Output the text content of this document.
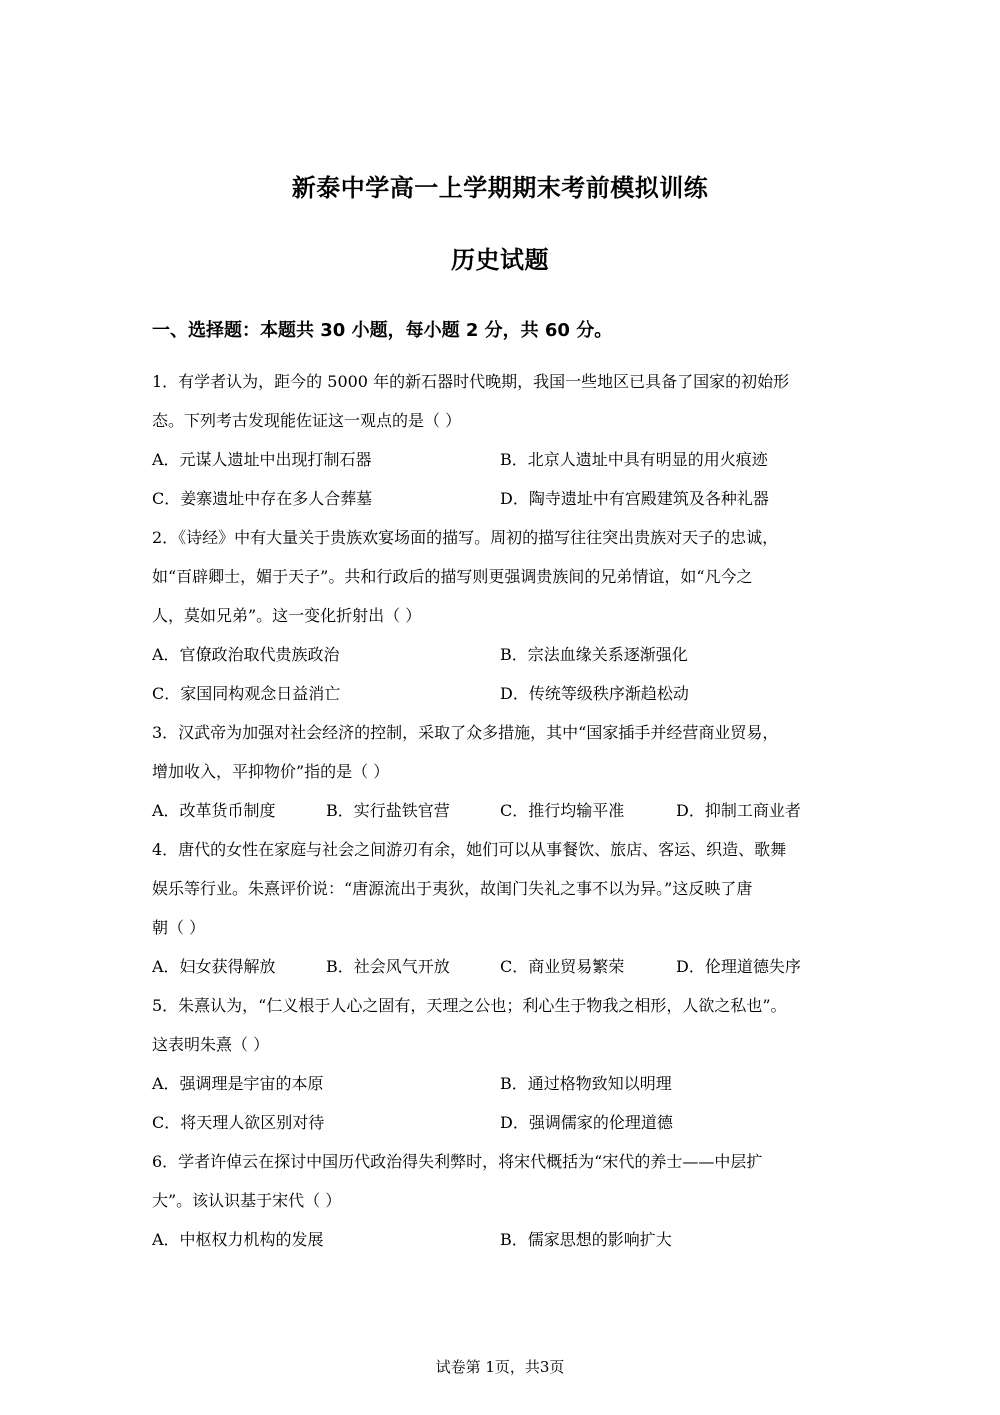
新泰中学高一上学期期末考前模拟训练
历史试题
一、选择题：本题共 30 小题，每小题 2 分，共 60 分。
1．有学者认为，距今的 5000 年的新石器时代晚期，我国一些地区已具备了国家的初始形
态。下列考古发现能佐证这一观点的是（ ）
A．元谋人遗址中出现打制石器	B．北京人遗址中具有明显的用火痕迹
C．姜寨遗址中存在多人合葬墓	D．陶寺遗址中有宫殿建筑及各种礼器
2．《诗经》中有大量关于贵族欢宴场面的描写。周初的描写往往突出贵族对天子的忠诚，
如“百辟卿士，媚于天子”。共和行政后的描写则更强调贵族间的兄弟情谊，如“凡今之
人，莫如兄弟”。这一变化折射出（ ）
A．官僚政治取代贵族政治	B．宗法血缘关系逐渐强化
C．家国同构观念日益消亡	D．传统等级秩序渐趋松动
3．汉武帝为加强对社会经济的控制，采取了众多措施，其中“国家插手并经营商业贸易，
增加收入，平抑物价”指的是（ ）
A．改革货币制度	B．实行盐铁官营	C．推行均输平准	D．抑制工商业者
4．唐代的女性在家庭与社会之间游刃有余，她们可以从事餐饮、旅店、客运、织造、歌舞
娱乐等行业。朱熹评价说：“唐源流出于夷狄，故闺门失礼之事不以为异。”这反映了唐
朝（ ）
A．妇女获得解放	B．社会风气开放	C．商业贸易繁荣	D．伦理道德失序
5．朱熹认为，“仁义根于人心之固有，天理之公也；利心生于物我之相形，人欲之私也”。
这表明朱熹（ ）
A．强调理是宇宙的本原	B．通过格物致知以明理
C．将天理人欲区别对待	D．强调儒家的伦理道德
6．学者许倬云在探讨中国历代政治得失利弊时，将宋代概括为“宋代的养士——中层扩
大”。该认识基于宋代（ ）
A．中枢权力机构的发展	B．儒家思想的影响扩大
试卷第 1页，共3页
